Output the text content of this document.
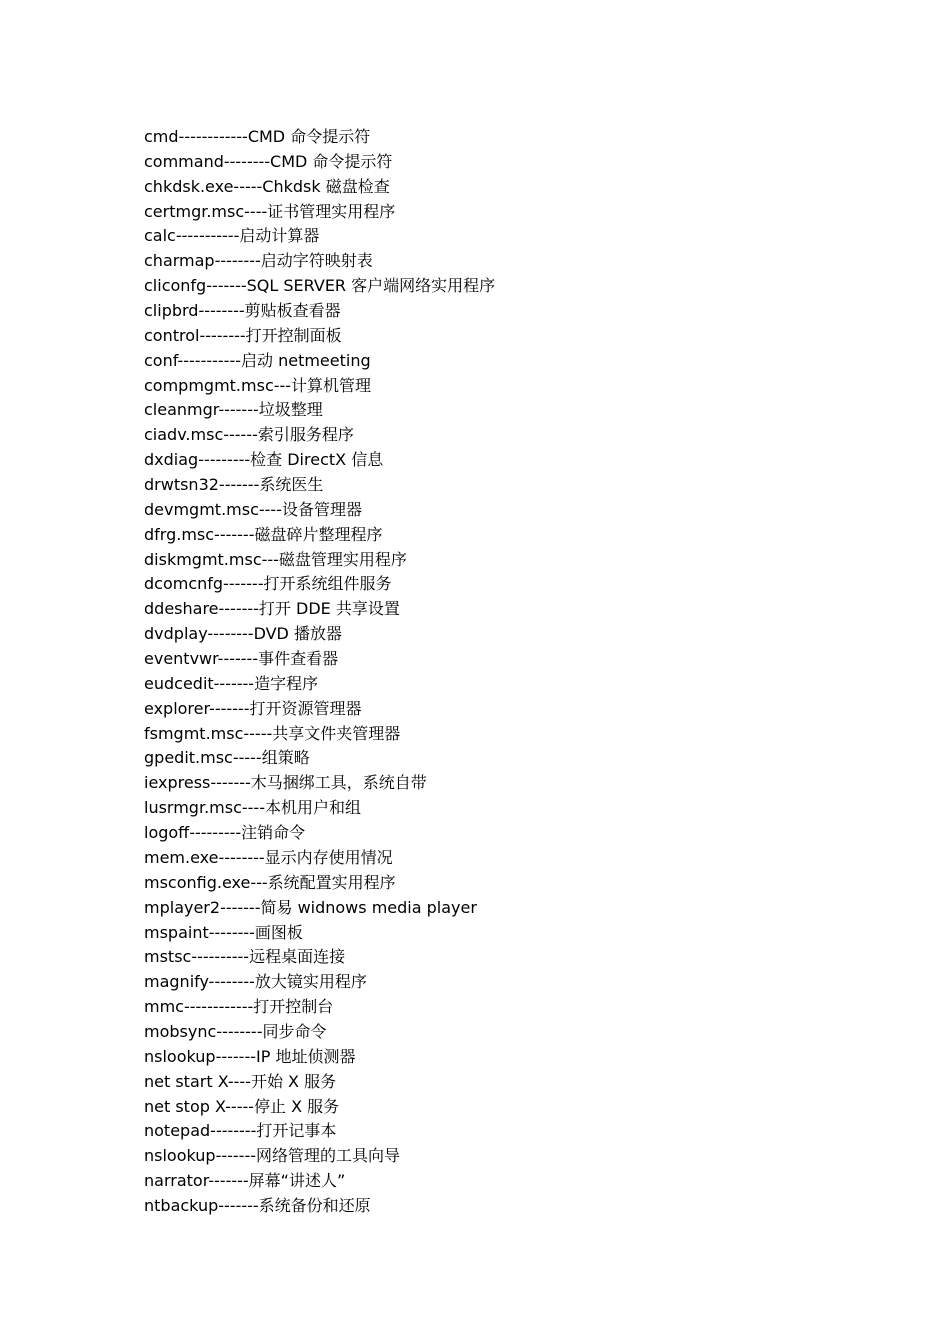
cmd------------CMD 命令提示符
command--------CMD 命令提示符
chkdsk.exe-----Chkdsk 磁盘检查
certmgr.msc----证书管理实用程序
calc-----------启动计算器
charmap--------启动字符映射表
cliconfg-------SQL SERVER 客户端网络实用程序
clipbrd--------剪贴板查看器
control--------打开控制面板
conf-----------启动 netmeeting
compmgmt.msc---计算机管理
cleanmgr-------垃圾整理
ciadv.msc------索引服务程序
dxdiag---------检查 DirectX 信息
drwtsn32-------系统医生
devmgmt.msc----设备管理器
dfrg.msc-------磁盘碎片整理程序
diskmgmt.msc---磁盘管理实用程序
dcomcnfg-------打开系统组件服务
ddeshare-------打开 DDE 共享设置
dvdplay--------DVD 播放器
eventvwr-------事件查看器
eudcedit-------造字程序
explorer-------打开资源管理器
fsmgmt.msc-----共享文件夹管理器
gpedit.msc-----组策略
iexpress-------木马捆绑工具，系统自带
lusrmgr.msc----本机用户和组
logoff---------注销命令
mem.exe--------显示内存使用情况
msconfig.exe---系统配置实用程序
mplayer2-------简易 widnows media player
mspaint--------画图板
mstsc----------远程桌面连接
magnify--------放大镜实用程序
mmc------------打开控制台
mobsync--------同步命令
nslookup-------IP 地址侦测器
net start X----开始 X 服务
net stop X-----停止 X 服务
notepad--------打开记事本
nslookup-------网络管理的工具向导
narrator-------屏幕“讲述人”
ntbackup-------系统备份和还原
